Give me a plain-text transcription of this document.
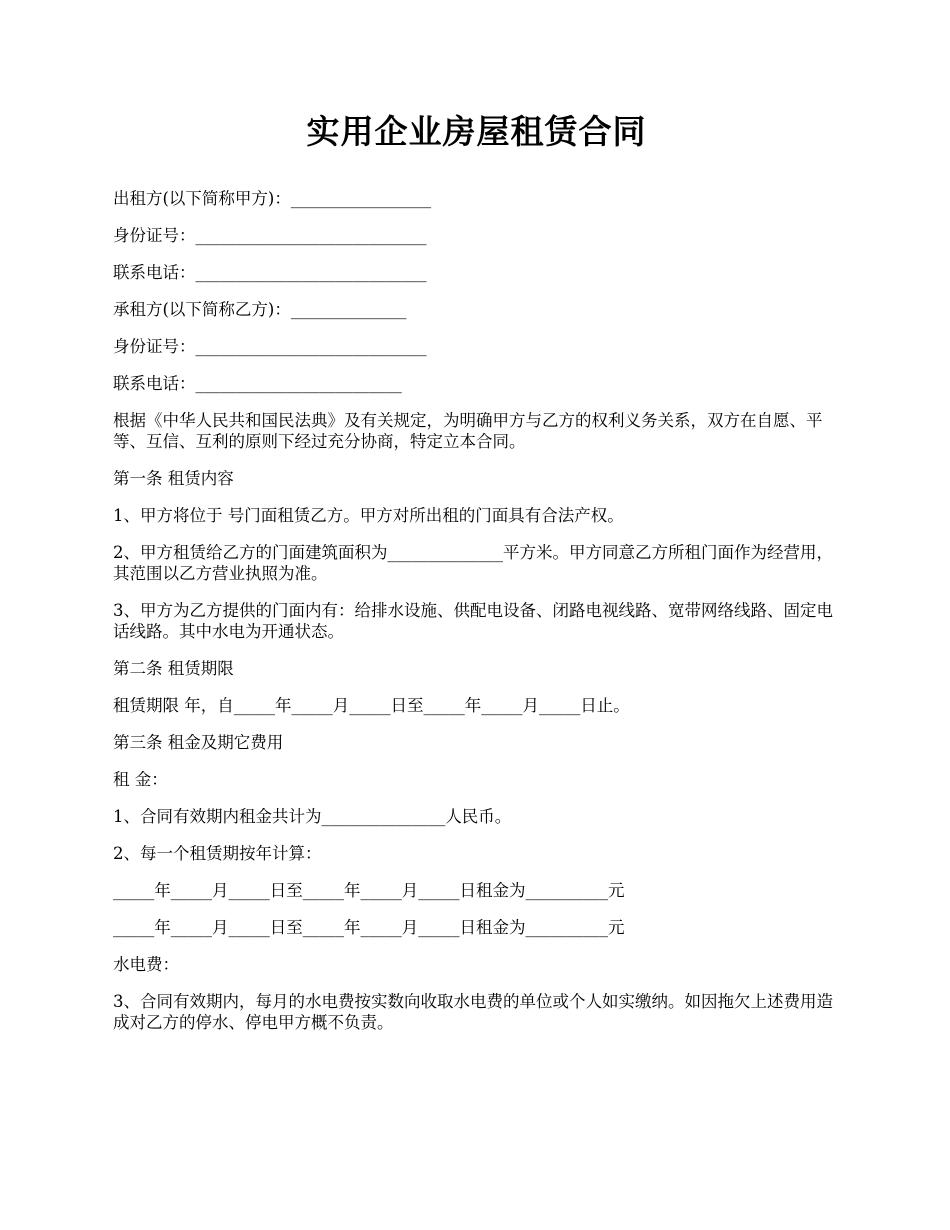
实用企业房屋租赁合同

出租方(以下简称甲方)：_________________

身份证号：____________________________

联系电话：____________________________

承租方(以下简称乙方)：______________

身份证号：____________________________

联系电话：_________________________

根据《中华人民共和国民法典》及有关规定，为明确甲方与乙方的权利义务关系，双方在自愿、平等、互信、互利的原则下经过充分协商，特定立本合同。

第一条 租赁内容

1、甲方将位于 号门面租赁乙方。甲方对所出租的门面具有合法产权。

2、甲方租赁给乙方的门面建筑面积为______________平方米。甲方同意乙方所租门面作为经营用，其范围以乙方营业执照为准。

3、甲方为乙方提供的门面内有：给排水设施、供配电设备、闭路电视线路、宽带网络线路、固定电话线路。其中水电为开通状态。

第二条 租赁期限

租赁期限 年，自_____年_____月_____日至_____年_____月_____日止。

第三条 租金及期它费用

租 金：

1、合同有效期内租金共计为_______________人民币。

2、每一个租赁期按年计算：

_____年_____月_____日至_____年_____月_____日租金为__________元

_____年_____月_____日至_____年_____月_____日租金为__________元

水电费：

3、合同有效期内，每月的水电费按实数向收取水电费的单位或个人如实缴纳。如因拖欠上述费用造成对乙方的停水、停电甲方概不负责。
